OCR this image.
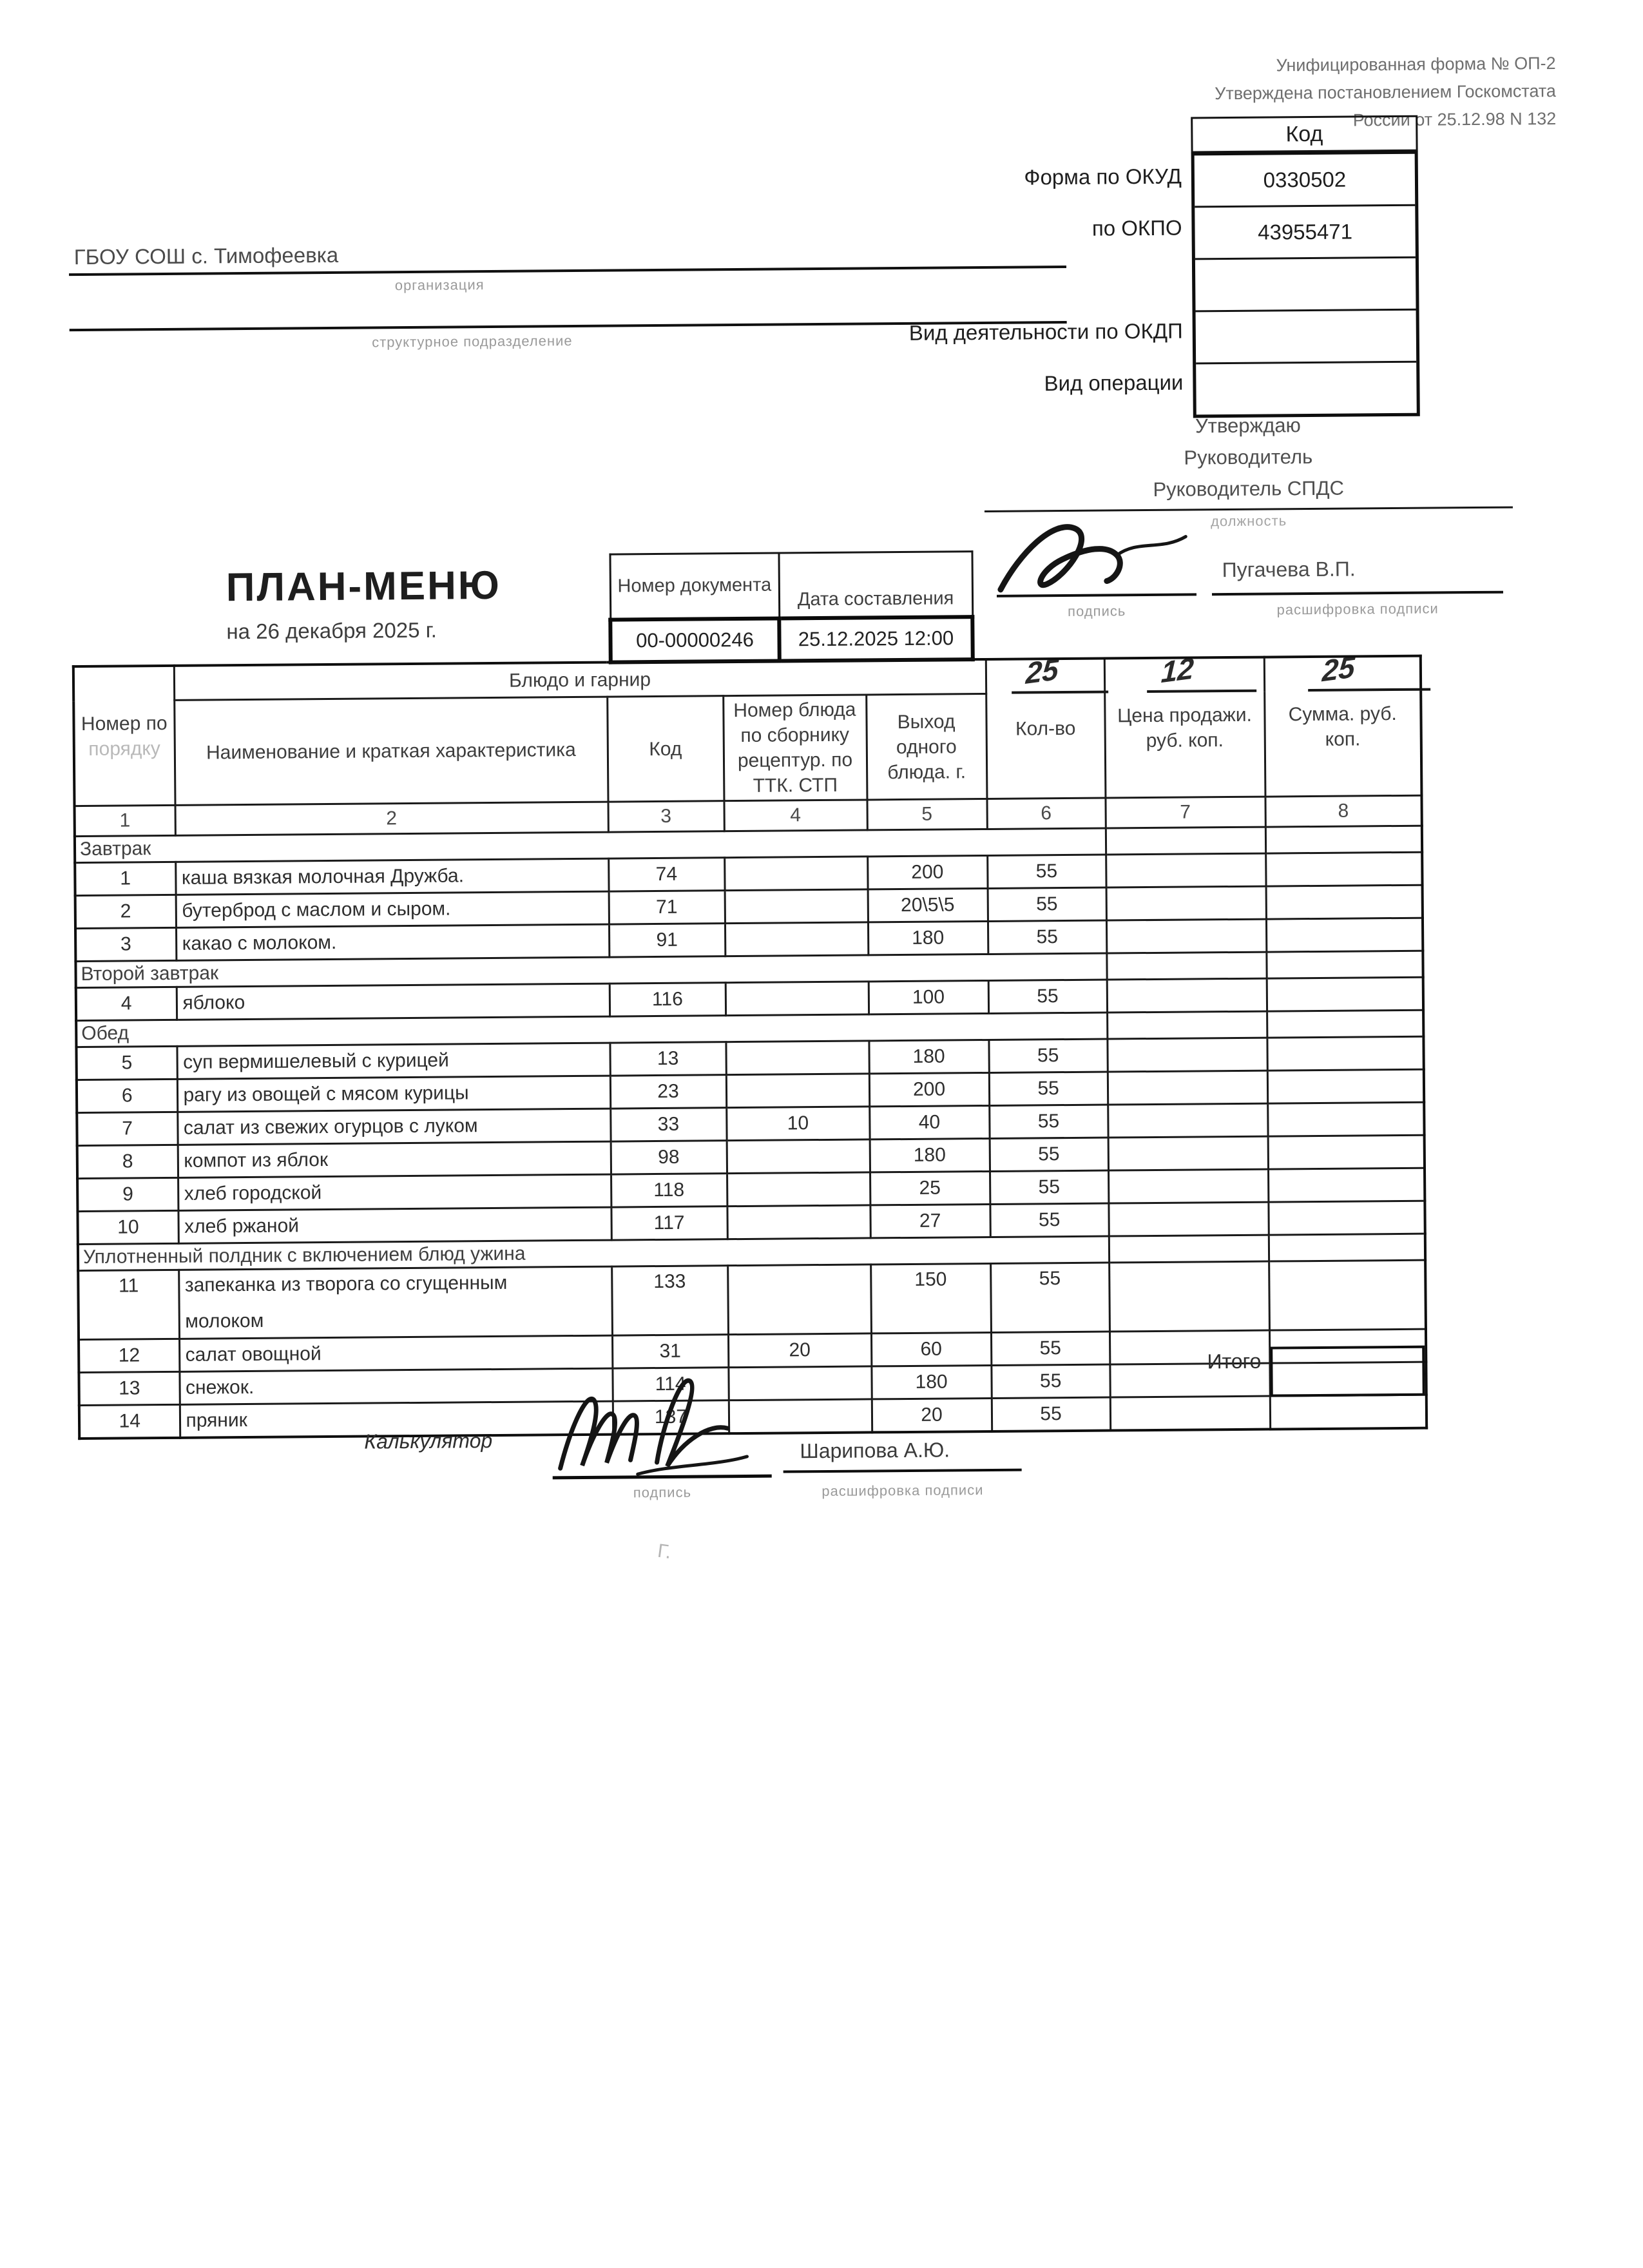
Унифицированная форма № ОП-2
Утверждена постановлением Госкомстата
России от 25.12.98 N 132
Код
0330502
43955471
Форма по ОКУД
по ОКПО
Вид деятельности по ОКДП
Вид операции
ГБОУ СОШ с. Тимофеевка
организация
структурное подразделение
Утверждаю
Руководитель
Руководитель СПДС
должность
Пугачева В.П.
подпись	расшифровка подписи
25	12	25
ПЛАН-МЕНЮ
на 26 декабря 2025 г.
Номер документа	Дата составления
00-00000246	25.12.2025 12:00
Номер по
порядку	Блюдо и гарнир				Кол-во	Цена продажи. руб. коп.	Сумма. руб. коп.
	Наименование и краткая характеристика	Код	Номер блюда по сборнику рецептур. по ТТК. СТП	Выход одного блюда. г.			
1	2	3	4	5	6	7	8
Завтрак							
1	каша вязкая молочная Дружба.	74		200	55		
2	бутерброд с маслом и сыром.	71		20\5\5	55		
3	какао с молоком.	91		180	55		
Второй завтрак							
4	яблоко	116		100	55		
Обед							
5	суп вермишелевый с курицей	13		180	55		
6	рагу из овощей с мясом курицы	23		200	55		
7	салат из свежих огурцов с луком	33	10	40	55		
8	компот из яблок	98		180	55		
9	хлеб городской	118		25	55		
10	хлеб ржаной	117		27	55		
Уплотненный полдник с включением блюд ужина							
11	запеканка из творога со сгущенным
молоком	133		150	55		
12	салат овощной	31	20	60	55		
13	снежок.	114		180	55		
14	пряник	137		20	55		
Итого
Калькулятор	Шарипова А.Ю.
подпись	расшифровка подписи
Г.
